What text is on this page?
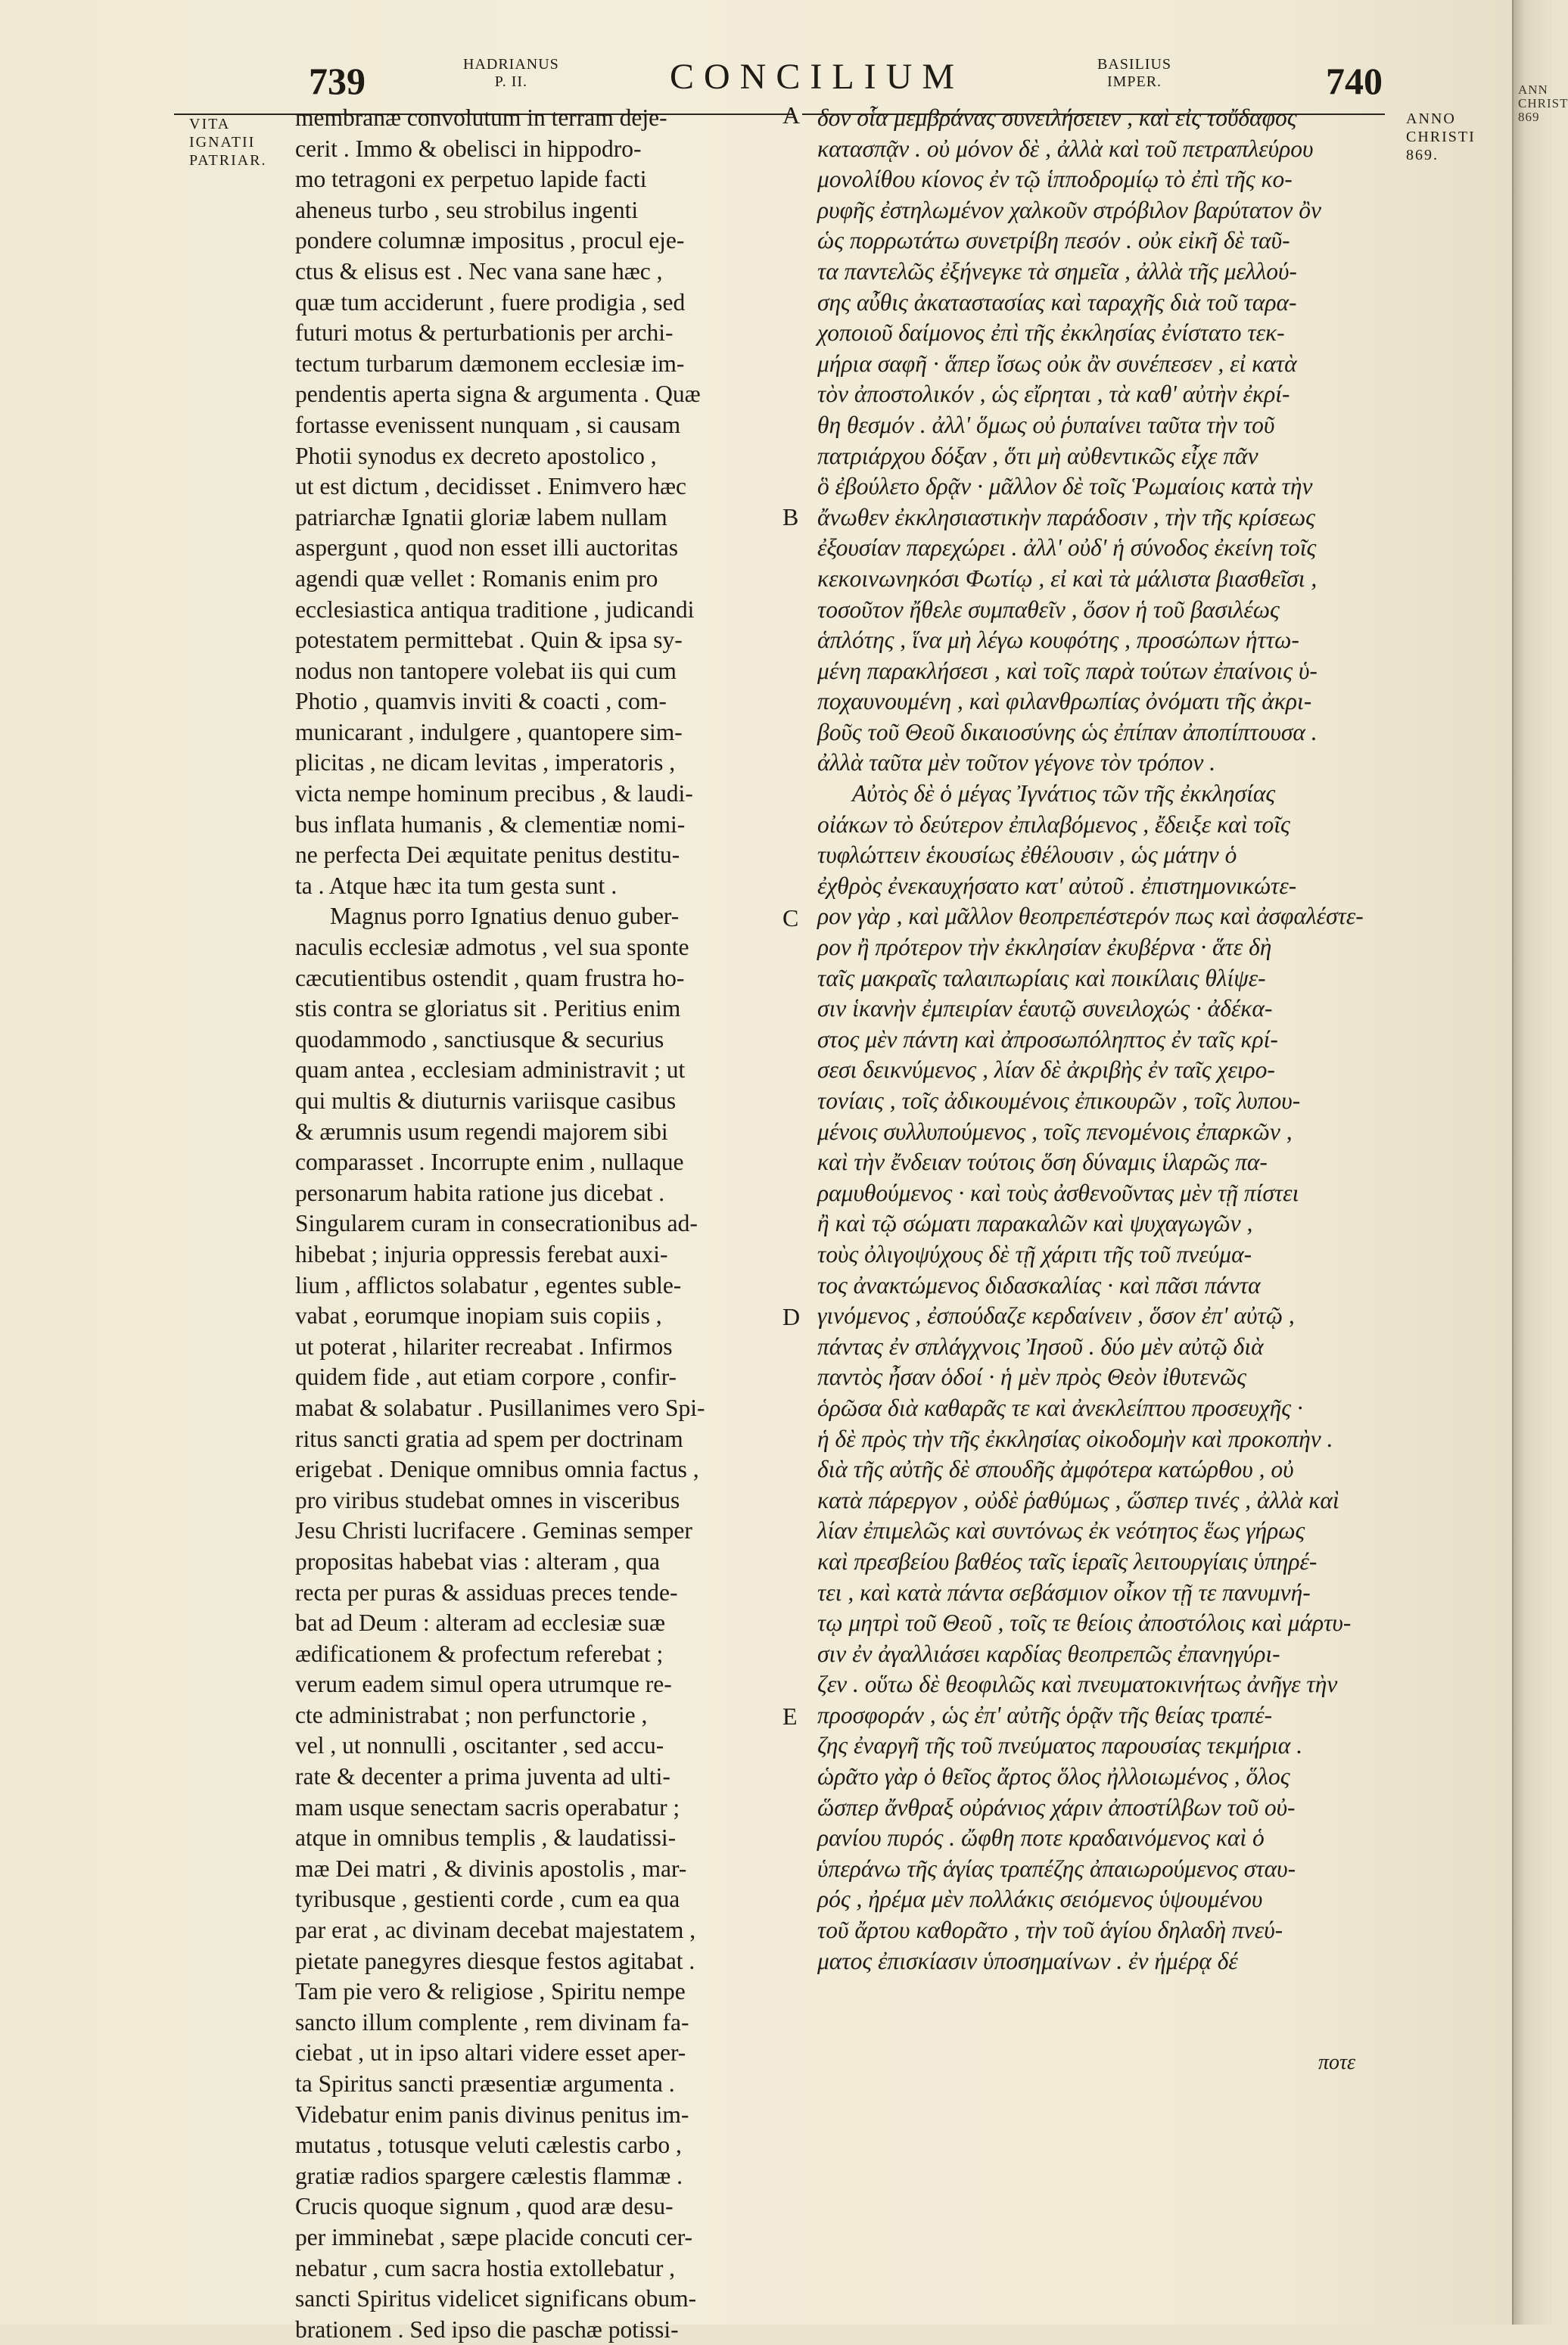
739	HADRIANUS
P. II.	CONCILIUM	BASILIUS
IMPER.	740
VITA
IGNATII
PATRIAR.
ANNO
CHRISTI
869.
A
B
C
D
E
membranæ convolutum in terram deje-
cerit . Immo & obelisci in hippodro-
mo tetragoni ex perpetuo lapide facti
aheneus turbo , seu strobilus ingenti
pondere columnæ impositus , procul eje-
ctus & elisus est . Nec vana sane hæc ,
quæ tum acciderunt , fuere prodigia , sed
futuri motus & perturbationis per archi-
tectum turbarum dæmonem ecclesiæ im-
pendentis aperta signa & argumenta . Quæ
fortasse evenissent nunquam , si causam
Photii synodus ex decreto apostolico ,
ut est dictum , decidisset . Enimvero hæc
patriarchæ Ignatii gloriæ labem nullam
aspergunt , quod non esset illi auctoritas
agendi quæ vellet : Romanis enim pro
ecclesiastica antiqua traditione , judicandi
potestatem permittebat . Quin & ipsa sy-
nodus non tantopere volebat iis qui cum
Photio , quamvis inviti & coacti , com-
municarant , indulgere , quantopere sim-
plicitas , ne dicam levitas , imperatoris ,
victa nempe hominum precibus , & laudi-
bus inflata humanis , & clementiæ nomi-
ne perfecta Dei æquitate penitus destitu-
ta . Atque hæc ita tum gesta sunt .
Magnus porro Ignatius denuo guber-
naculis ecclesiæ admotus , vel sua sponte
cæcutientibus ostendit , quam frustra ho-
stis contra se gloriatus sit . Peritius enim
quodammodo , sanctiusque & securius
quam antea , ecclesiam administravit ; ut
qui multis & diuturnis variisque casibus
& ærumnis usum regendi majorem sibi
comparasset . Incorrupte enim , nullaque
personarum habita ratione jus dicebat .
Singularem curam in consecrationibus ad-
hibebat ; injuria oppressis ferebat auxi-
lium , afflictos solabatur , egentes suble-
vabat , eorumque inopiam suis copiis ,
ut poterat , hilariter recreabat . Infirmos
quidem fide , aut etiam corpore , confir-
mabat & solabatur . Pusillanimes vero Spi-
ritus sancti gratia ad spem per doctrinam
erigebat . Denique omnibus omnia factus ,
pro viribus studebat omnes in visceribus
Jesu Christi lucrifacere . Geminas semper
propositas habebat vias : alteram , qua
recta per puras & assiduas preces tende-
bat ad Deum : alteram ad ecclesiæ suæ
ædificationem & profectum referebat ;
verum eadem simul opera utrumque re-
cte administrabat ; non perfunctorie ,
vel , ut nonnulli , oscitanter , sed accu-
rate & decenter a prima juventa ad ulti-
mam usque senectam sacris operabatur ;
atque in omnibus templis , & laudatissi-
mæ Dei matri , & divinis apostolis , mar-
tyribusque , gestienti corde , cum ea qua
par erat , ac divinam decebat majestatem ,
pietate panegyres diesque festos agitabat .
Tam pie vero & religiose , Spiritu nempe
sancto illum complente , rem divinam fa-
ciebat , ut in ipso altari videre esset aper-
ta Spiritus sancti præsentiæ argumenta .
Videbatur enim panis divinus penitus im-
mutatus , totusque veluti cælestis carbo ,
gratiæ radios spargere cælestis flammæ .
Crucis quoque signum , quod aræ desu-
per imminebat , sæpe placide concuti cer-
nebatur , cum sacra hostia extollebatur ,
sancti Spiritus videlicet significans obum-
brationem . Sed ipso die paschæ potissi-
δον οἷα μεμβράνας συνειλήσειεν , καὶ εἰς τοὔδαφος
κατασπᾷν . οὐ μόνον δὲ , ἀλλὰ καὶ τοῦ πετραπλεύρου
μονολίθου κίονος ἐν τῷ ἱπποδρομίῳ τὸ ἐπὶ τῆς κο-
ρυφῆς ἐστηλωμένον χαλκοῦν στρόβιλον βαρύτατον ὂν
ὡς πορρωτάτω συνετρίβη πεσόν . οὐκ εἰκῆ δὲ ταῦ-
τα παντελῶς ἐξήνεγκε τὰ σημεῖα , ἀλλὰ τῆς μελλού-
σης αὖθις ἀκαταστασίας καὶ ταραχῆς διὰ τοῦ ταρα-
χοποιοῦ δαίμονος ἐπὶ τῆς ἐκκλησίας ἐνίστατο τεκ-
μήρια σαφῆ · ἅπερ ἴσως οὐκ ἂν συνέπεσεν , εἰ κατὰ
τὸν ἀποστολικόν , ὡς εἴρηται , τὰ καθ' αὐτὴν ἐκρί-
θη θεσμόν . ἀλλ' ὅμως οὐ ῥυπαίνει ταῦτα τὴν τοῦ
πατριάρχου δόξαν , ὅτι μὴ αὐθεντικῶς εἶχε πᾶν
ὃ ἐβούλετο δρᾷν · μᾶλλον δὲ τοῖς Ῥωμαίοις κατὰ τὴν
ἄνωθεν ἐκκλησιαστικὴν παράδοσιν , τὴν τῆς κρίσεως
ἐξουσίαν παρεχώρει . ἀλλ' οὐδ' ἡ σύνοδος ἐκείνη τοῖς
κεκοινωνηκόσι Φωτίῳ , εἰ καὶ τὰ μάλιστα βιασθεῖσι ,
τοσοῦτον ἤθελε συμπαθεῖν , ὅσον ἡ τοῦ βασιλέως
ἁπλότης , ἵνα μὴ λέγω κουφότης , προσώπων ἡττω-
μένη παρακλήσεσι , καὶ τοῖς παρὰ τούτων ἐπαίνοις ὑ-
ποχαυνουμένη , καὶ φιλανθρωπίας ὀνόματι τῆς ἀκρι-
βοῦς τοῦ Θεοῦ δικαιοσύνης ὡς ἐπίπαν ἀποπίπτουσα .
ἀλλὰ ταῦτα μὲν τοῦτον γέγονε τὸν τρόπον .
Αὐτὸς δὲ ὁ μέγας Ἰγνάτιος τῶν τῆς ἐκκλησίας
οἰάκων τὸ δεύτερον ἐπιλαβόμενος , ἔδειξε καὶ τοῖς
τυφλώττειν ἑκουσίως ἐθέλουσιν , ὡς μάτην ὁ
ἐχθρὸς ἐνεκαυχήσατο κατ' αὐτοῦ . ἐπιστημονικώτε-
ρον γὰρ , καὶ μᾶλλον θεοπρεπέστερόν πως καὶ ἀσφαλέστε-
ρον ἢ πρότερον τὴν ἐκκλησίαν ἐκυβέρνα · ἅτε δὴ
ταῖς μακραῖς ταλαιπωρίαις καὶ ποικίλαις θλίψε-
σιν ἱκανὴν ἐμπειρίαν ἑαυτῷ συνειλοχώς · ἀδέκα-
στος μὲν πάντη καὶ ἀπροσωπόληπτος ἐν ταῖς κρί-
σεσι δεικνύμενος , λίαν δὲ ἀκριβὴς ἐν ταῖς χειρο-
τονίαις , τοῖς ἀδικουμένοις ἐπικουρῶν , τοῖς λυπου-
μένοις συλλυπούμενος , τοῖς πενομένοις ἐπαρκῶν ,
καὶ τὴν ἔνδειαν τούτοις ὅση δύναμις ἱλαρῶς πα-
ραμυθούμενος · καὶ τοὺς ἀσθενοῦντας μὲν τῇ πίστει
ἢ καὶ τῷ σώματι παρακαλῶν καὶ ψυχαγωγῶν ,
τοὺς ὀλιγοψύχους δὲ τῇ χάριτι τῆς τοῦ πνεύμα-
τος ἀνακτώμενος διδασκαλίας · καὶ πᾶσι πάντα
γινόμενος , ἐσπούδαζε κερδαίνειν , ὅσον ἐπ' αὐτῷ ,
πάντας ἐν σπλάγχνοις Ἰησοῦ . δύο μὲν αὐτῷ διὰ
παντὸς ἦσαν ὁδοί · ἡ μὲν πρὸς Θεὸν ἰθυτενῶς
ὁρῶσα διὰ καθαρᾶς τε καὶ ἀνεκλείπτου προσευχῆς ·
ἡ δὲ πρὸς τὴν τῆς ἐκκλησίας οἰκοδομὴν καὶ προκοπὴν .
διὰ τῆς αὐτῆς δὲ σπουδῆς ἀμφότερα κατώρθου , οὐ
κατὰ πάρεργον , οὐδὲ ῥαθύμως , ὥσπερ τινές , ἀλλὰ καὶ
λίαν ἐπιμελῶς καὶ συντόνως ἐκ νεότητος ἕως γήρως
καὶ πρεσβείου βαθέος ταῖς ἱεραῖς λειτουργίαις ὑπηρέ-
τει , καὶ κατὰ πάντα σεβάσμιον οἶκον τῇ τε πανυμνή-
τῳ μητρὶ τοῦ Θεοῦ , τοῖς τε θείοις ἀποστόλοις καὶ μάρτυ-
σιν ἐν ἀγαλλιάσει καρδίας θεοπρεπῶς ἐπανηγύρι-
ζεν . οὕτω δὲ θεοφιλῶς καὶ πνευματοκινήτως ἀνῆγε τὴν
προσφοράν , ὡς ἐπ' αὐτῆς ὁρᾷν τῆς θείας τραπέ-
ζης ἐναργῆ τῆς τοῦ πνεύματος παρουσίας τεκμήρια .
ὡρᾶτο γὰρ ὁ θεῖος ἄρτος ὅλος ἠλλοιωμένος , ὅλος
ὥσπερ ἄνθραξ οὐράνιος χάριν ἀποστίλβων τοῦ οὐ-
ρανίου πυρός . ὤφθη ποτε κραδαινόμενος καὶ ὁ
ὑπεράνω τῆς ἁγίας τραπέζης ἀπαιωρούμενος σταυ-
ρός , ἠρέμα μὲν πολλάκις σειόμενος ὑψουμένου
τοῦ ἄρτου καθορᾶτο , τὴν τοῦ ἁγίου δηλαδὴ πνεύ-
ματος ἐπισκίασιν ὑποσημαίνων . ἐν ἡμέρᾳ δέ
ποτε
ANN
CHRIST
869
